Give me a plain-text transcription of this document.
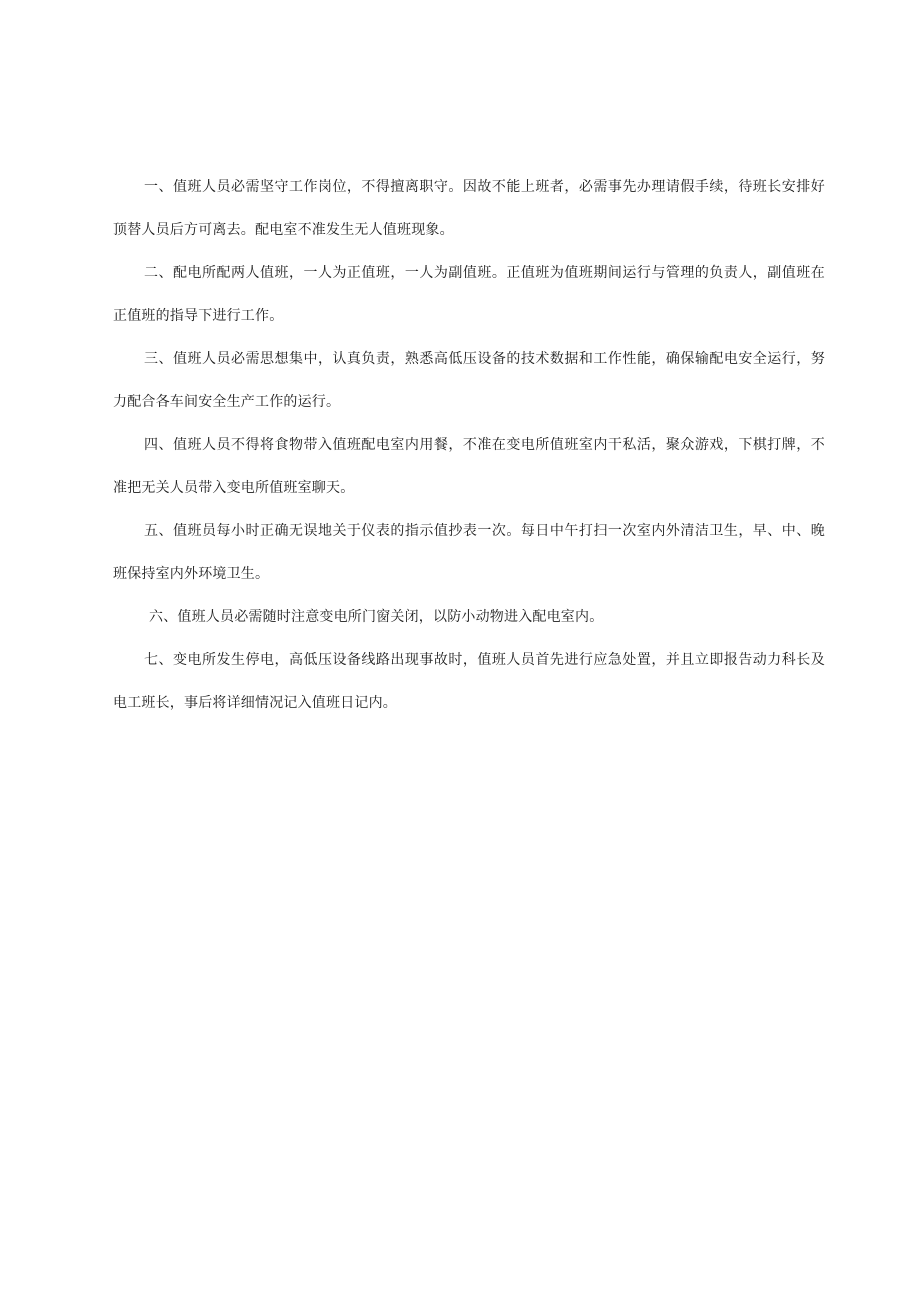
一、值班人员必需坚守工作岗位，不得擅离职守。因故不能上班者，必需事先办理请假手续，待班长安排好顶替人员后方可离去。配电室不准发生无人值班现象。

二、配电所配两人值班，一人为正值班，一人为副值班。正值班为值班期间运行与管理的负责人，副值班在正值班的指导下进行工作。

三、值班人员必需思想集中，认真负责，熟悉高低压设备的技术数据和工作性能，确保输配电安全运行，努力配合各车间安全生产工作的运行。

四、值班人员不得将食物带入值班配电室内用餐，不准在变电所值班室内干私活，聚众游戏，下棋打牌，不准把无关人员带入变电所值班室聊天。

五、值班员每小时正确无误地关于仪表的指示值抄表一次。每日中午打扫一次室内外清洁卫生，早、中、晚班保持室内外环境卫生。

六、值班人员必需随时注意变电所门窗关闭，以防小动物进入配电室内。

七、变电所发生停电，高低压设备线路出现事故时，值班人员首先进行应急处置，并且立即报告动力科长及电工班长，事后将详细情况记入值班日记内。
